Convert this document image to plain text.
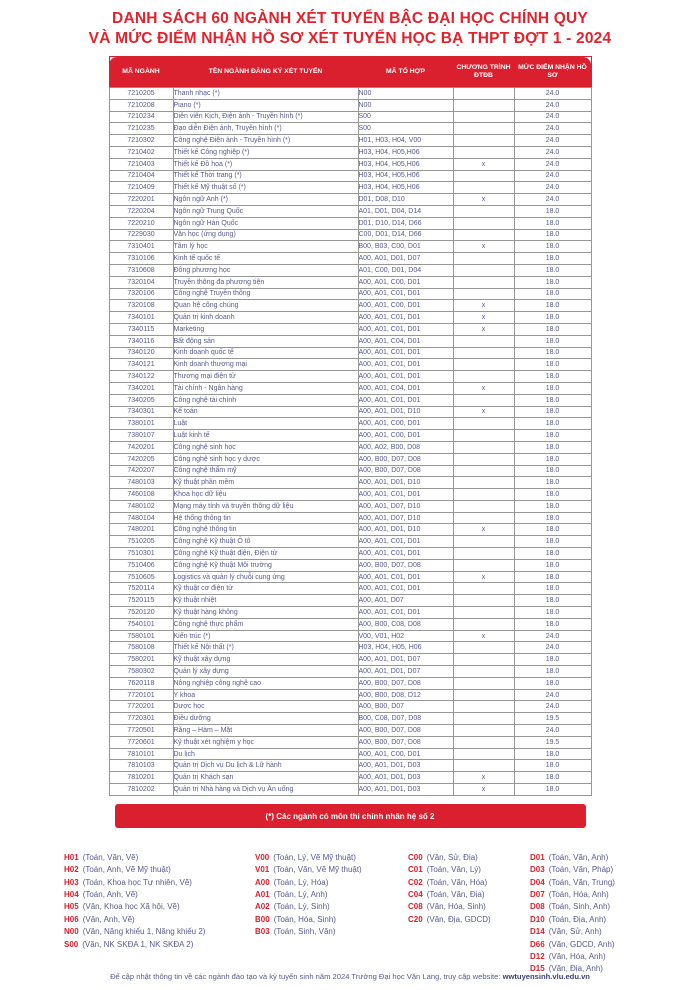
DANH SÁCH 60 NGÀNH XÉT TUYỂN BẬC ĐẠI HỌC CHÍNH QUY
VÀ MỨC ĐIỂM NHẬN HỒ SƠ XÉT TUYỂN HỌC BẠ THPT ĐỢT 1 - 2024
MÃ NGÀNH	TÊN NGÀNH ĐĂNG KÝ XÉT TUYỂN	MÃ TỔ HỢP	CHƯƠNG TRÌNH ĐTĐB	MỨC ĐIỂM NHẬN HỒ SƠ
7210205	Thanh nhạc (*)	N00		24.0
7210208	Piano (*)	N00		24.0
7210234	Diễn viên Kịch, Điện ảnh - Truyền hình (*)	S00		24.0
7210235	Đạo diễn Điện ảnh, Truyền hình (*)	S00		24.0
7210302	Công nghệ Điện ảnh - Truyền hình (*)	H01, H03, H04, V00		24.0
7210402	Thiết kế Công nghiệp (*)	H03, H04, H05,H06		24.0
7210403	Thiết kế Đồ họa (*)	H03, H04, H05,H06	x	24.0
7210404	Thiết kế Thời trang (*)	H03, H04, H05,H06		24.0
7210409	Thiết kế Mỹ thuật số (*)	H03, H04, H05,H06		24.0
7220201	Ngôn ngữ Anh (*)	D01, D08, D10	x	24.0
7220204	Ngôn ngữ Trung Quốc	A01, D01, D04, D14		18.0
7220210	Ngôn ngữ Hàn Quốc	D01, D10, D14, D66		18.0
7229030	Văn học (ứng dụng)	C00, D01, D14, D66		18.0
7310401	Tâm lý học	B00, B03, C00, D01	x	18.0
7310106	Kinh tế quốc tế	A00, A01, D01, D07		18.0
7310608	Đông phương học	A01, C00, D01, D04		18.0
7320104	Truyền thông đa phương tiện	A00, A01, C00, D01		18.0
7320106	Công nghệ Truyền thông	A00, A01, C01, D01		18.0
7320108	Quan hệ công chúng	A00, A01, C00, D01	x	18.0
7340101	Quản trị kinh doanh	A00, A01, C01, D01	x	18.0
7340115	Marketing	A00, A01, C01, D01	x	18.0
7340116	Bất động sản	A00, A01, C04, D01		18.0
7340120	Kinh doanh quốc tế	A00, A01, C01, D01		18.0
7340121	Kinh doanh thương mại	A00, A01, C01, D01		18.0
7340122	Thương mại điện tử	A00, A01, C01, D01		18.0
7340201	Tài chính - Ngân hàng	A00, A01, C04, D01	x	18.0
7340205	Công nghệ tài chính	A00, A01, C01, D01		18.0
7340301	Kế toán	A00, A01, D01, D10	x	18.0
7380101	Luật	A00, A01, C00, D01		18.0
7380107	Luật kinh tế	A00, A01, C00, D01		18.0
7420201	Công nghệ sinh học	A00, A02, B00, D08		18.0
7420205	Công nghệ sinh học y dược	A00, B00, D07, D08		18.0
7420207	Công nghệ thẩm mỹ	A00, B00, D07, D08		18.0
7480103	Kỹ thuật phần mềm	A00, A01, D01, D10		18.0
7460108	Khoa học dữ liệu	A00, A01, C01, D01		18.0
7480102	Mạng máy tính và truyền thông dữ liệu	A00, A01, D07, D10		18.0
7480104	Hệ thống thông tin	A00, A01, D07, D10		18.0
7480201	Công nghệ thông tin	A00, A01, D01, D10	x	18.0
7510205	Công nghệ Kỹ thuật Ô tô	A00, A01, C01, D01		18.0
7510301	Công nghệ Kỹ thuật điện, Điện tử	A00, A01, C01, D01		18.0
7510406	Công nghệ Kỹ thuật Môi trường	A00, B00, D07, D08		18.0
7510605	Logistics và quản lý chuỗi cung ứng	A00, A01, C01, D01	x	18.0
7520114	Kỹ thuật cơ điện tử	A00, A01, C01, D01		18.0
7520115	Kỹ thuật nhiệt	A00, A01, D07		18.0
7520120	Kỹ thuật hàng không	A00, A01, C01, D01		18.0
7540101	Công nghệ thực phẩm	A00, B00, C08, D08		18.0
7580101	Kiến trúc (*)	V00, V01, H02	x	24.0
7580108	Thiết kế Nội thất (*)	H03, H04, H05, H06		24.0
7580201	Kỹ thuật xây dựng	A00, A01, D01, D07		18.0
7580302	Quản lý xây dựng	A00, A01, D01, D07		18.0
7620118	Nông nghiệp công nghệ cao	A00, B00, D07, D08		18.0
7720101	Y khoa	A00, B00, D08, D12		24.0
7720201	Dược học	A00, B00, D07		24.0
7720301	Điều dưỡng	B00, C08, D07, D08		19.5
7720501	Răng – Hàm – Mặt	A00, B00, D07, D08		24.0
7720601	Kỹ thuật xét nghiệm y học	A00, B00, D07, D08		19.5
7810101	Du lịch	A00, A01, C00, D01		18.0
7810103	Quản trị Dịch vụ Du lịch & Lữ hành	A00, A01, D01, D03		18.0
7810201	Quản trị Khách sạn	A00, A01, D01, D03	x	18.0
7810202	Quản trị Nhà hàng và Dịch vụ Ăn uống	A00, A01, D01, D03	x	18.0
(*) Các ngành có môn thi chính nhân hệ số 2
H01 (Toán, Văn, Vẽ)
H02 (Toán, Anh, Vẽ Mỹ thuật)
H03 (Toán, Khoa học Tự nhiên, Vẽ)
H04 (Toán, Anh, Vẽ)
H05 (Văn, Khoa học Xã hội, Vẽ)
H06 (Văn, Anh, Vẽ)
N00 (Văn, Năng khiếu 1, Năng khiếu 2)
S00 (Văn, NK SKĐA 1, NK SKĐA 2)
V00 (Toán, Lý, Vẽ Mỹ thuật)
V01 (Toán, Văn, Vẽ Mỹ thuật)
A00 (Toán, Lý, Hóa)
A01 (Toán, Lý, Anh)
A02 (Toán, Lý, Sinh)
B00 (Toán, Hóa, Sinh)
B03 (Toán, Sinh, Văn)
C00 (Văn, Sử, Địa)
C01 (Toán, Văn, Lý)
C02 (Toán, Văn, Hóa)
C04 (Toán, Văn, Địa)
C08 (Văn, Hóa, Sinh)
C20 (Văn, Địa, GDCD)
D01 (Toán, Văn, Anh)
D03 (Toán, Văn, Pháp)
D04 (Toán, Văn, Trung)
D07 (Toán, Hóa, Anh)
D08 (Toán, Sinh, Anh)
D10 (Toán, Địa, Anh)
D14 (Văn, Sử, Anh)
D66 (Văn, GDCD, Anh)
D12 (Văn, Hóa, Anh)
D15 (Văn, Địa, Anh)
Để cập nhật thông tin về các ngành đào tạo và kỳ tuyển sinh năm 2024 Trường Đại học Văn Lang, truy cập website: wwtuyensinh.vlu.edu.vn
